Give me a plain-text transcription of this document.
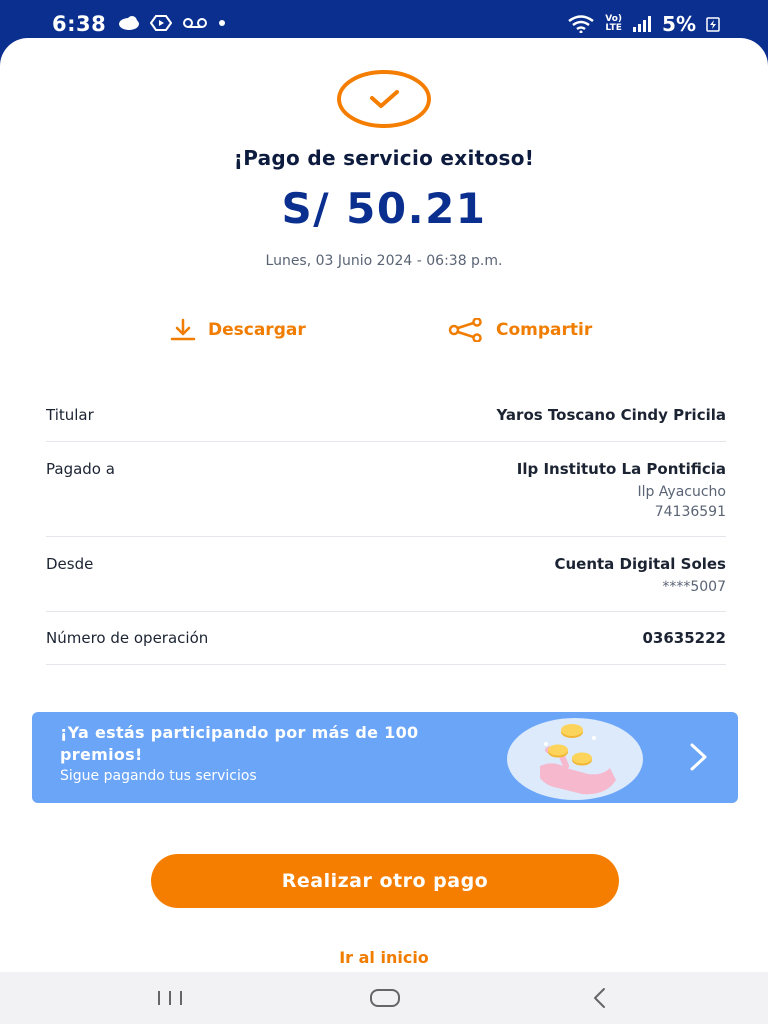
6:38	Vo)
LTE 5%
¡Pago de servicio exitoso!
S/ 50.21
Lunes, 03 Junio 2024 - 06:38 p.m.
Descargar	Compartir
Titular	Yaros Toscano Cindy Pricila
Pagado a	Ilp Instituto La Pontificia
Ilp Ayacucho
74136591
Desde	Cuenta Digital Soles
****5007
Número de operación	03635222
¡Ya estás participando por más de 100 premios!
Sigue pagando tus servicios
Realizar otro pago
Ir al inicio
